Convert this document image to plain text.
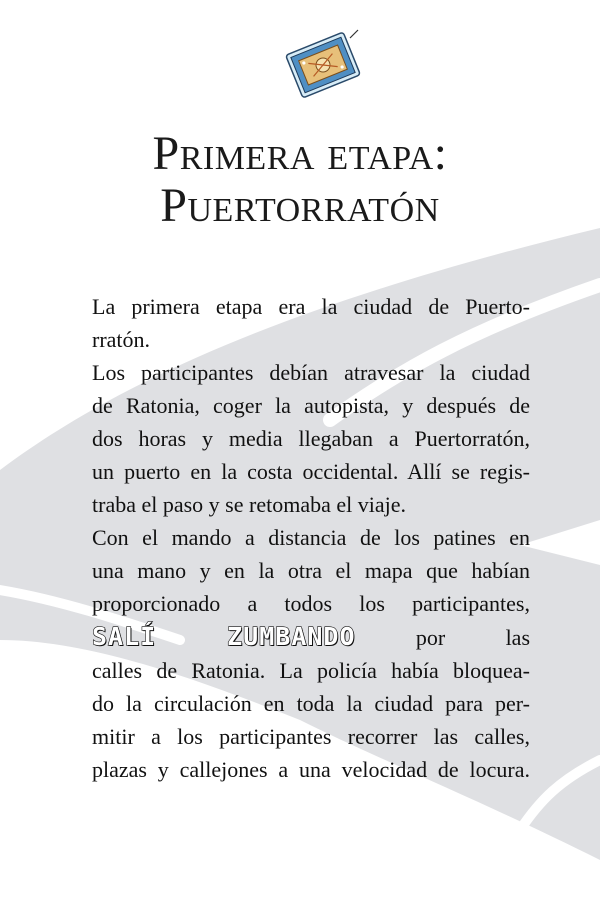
Primera etapa:
Puertorratón

La primera etapa era la ciudad de Puerto-

rratón.

Los participantes debían atravesar la ciudad

de Ratonia, coger la autopista, y después de

dos horas y media llegaban a Puertorratón,

un puerto en la costa occidental. Allí se regis-

traba el paso y se retomaba el viaje.

Con el mando a distancia de los patines en

una mano y en la otra el mapa que habían

proporcionado a todos los participantes,

SALÍ ZUMBANDO	por las

calles de Ratonia. La policía había bloquea-

do la circulación en toda la ciudad para per-

mitir a los participantes recorrer las calles,

plazas y callejones a una velocidad de locura.
